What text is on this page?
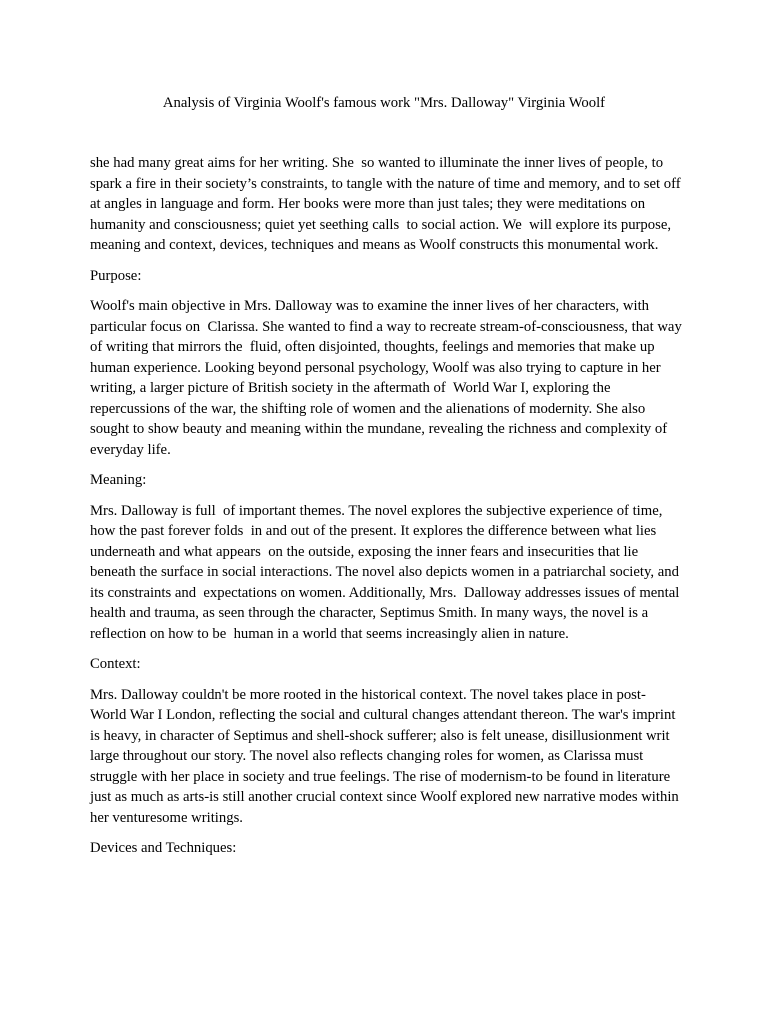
Analysis of Virginia Woolf's famous work "Mrs. Dalloway" Virginia Woolf

she had many great aims for her writing. She  so wanted to illuminate the inner lives of people, to spark a fire in their society’s constraints, to tangle with the nature of time and memory, and to set off at angles in language and form. Her books were more than just tales; they were meditations on humanity and consciousness; quiet yet seething calls  to social action. We  will explore its purpose, meaning and context, devices, techniques and means as Woolf constructs this monumental work.

Purpose:

Woolf's main objective in Mrs. Dalloway was to examine the inner lives of her characters, with particular focus on  Clarissa. She wanted to find a way to recreate stream-of-consciousness, that way of writing that mirrors the  fluid, often disjointed, thoughts, feelings and memories that make up human experience. Looking beyond personal psychology, Woolf was also trying to capture in her writing, a larger picture of British society in the aftermath of  World War I, exploring the repercussions of the war, the shifting role of women and the alienations of modernity. She also  sought to show beauty and meaning within the mundane, revealing the richness and complexity of everyday life.

Meaning:

Mrs. Dalloway is full  of important themes. The novel explores the subjective experience of time, how the past forever folds  in and out of the present. It explores the difference between what lies underneath and what appears  on the outside, exposing the inner fears and insecurities that lie beneath the surface in social interactions. The novel also depicts women in a patriarchal society, and its constraints and  expectations on women. Additionally, Mrs.  Dalloway addresses issues of mental health and trauma, as seen through the character, Septimus Smith. In many ways, the novel is a reflection on how to be  human in a world that seems increasingly alien in nature.

Context:

Mrs. Dalloway couldn't be more rooted in the historical context. The novel takes place in post-World War I London, reflecting the social and cultural changes attendant thereon. The war's imprint is heavy, in character of Septimus and shell-shock sufferer; also is felt unease, disillusionment writ large throughout our story. The novel also reflects changing roles for women, as Clarissa must struggle with her place in society and true feelings. The rise of modernism-to be found in literature just as much as arts-is still another crucial context since Woolf explored new narrative modes within her venturesome writings.

Devices and Techniques:
